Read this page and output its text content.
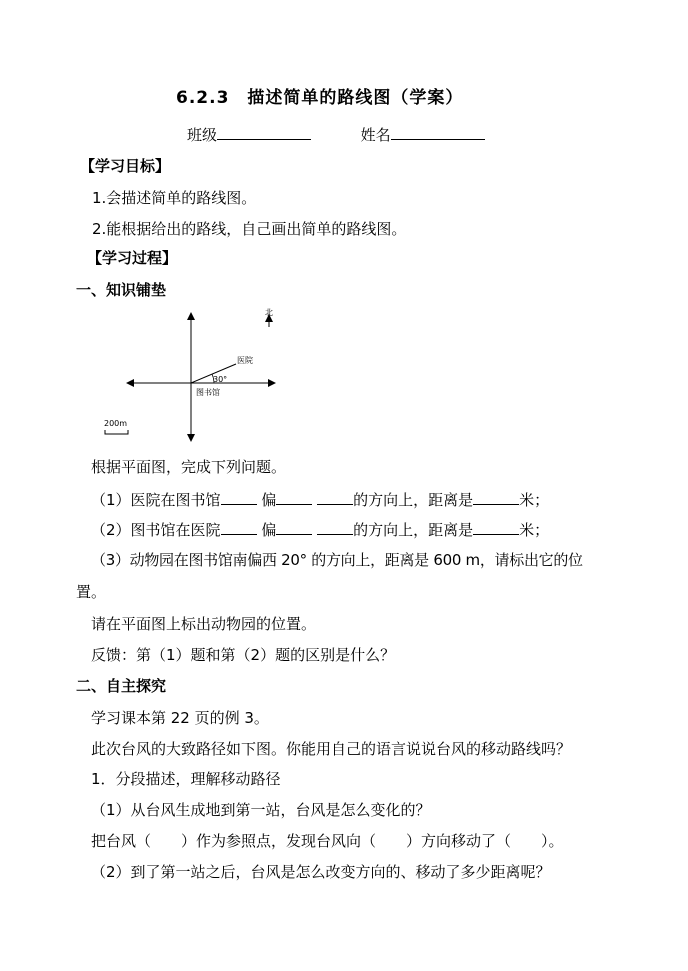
6.2.3　描述简单的路线图（学案）
班级	姓名
【学习目标】
1.会描述简单的路线图。
2.能根据给出的路线，自己画出简单的路线图。
【学习过程】
一、知识铺垫
北
医院
30°
图书馆
200m
根据平面图，完成下列问题。
（1）医院在图书馆	偏	的方向上，距离是	米；
（2）图书馆在医院	偏	的方向上，距离是	米；
（3）动物园在图书馆南偏西 20° 的方向上，距离是 600 m，请标出它的位
置。
请在平面图上标出动物园的位置。
反馈：第（1）题和第（2）题的区别是什么？
二、自主探究
学习课本第 22 页的例 3。
此次台风的大致路径如下图。你能用自己的语言说说台风的移动路线吗？
1．分段描述，理解移动路径
（1）从台风生成地到第一站，台风是怎么变化的？
把台风（　　）作为参照点，发现台风向（　　）方向移动了（　　）。
（2）到了第一站之后，台风是怎么改变方向的、移动了多少距离呢？
